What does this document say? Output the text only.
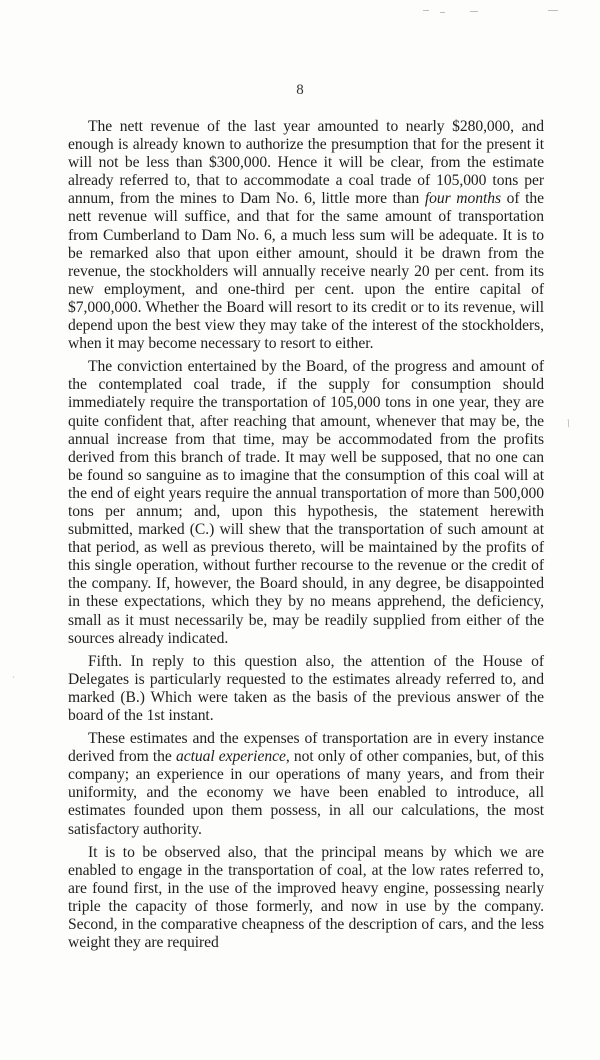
/
·
8

The nett revenue of the last year amounted to nearly $280,000, and enough is already known to authorize the presumption that for the present it will not be less than $300,000. Hence it will be clear, from the estimate already referred to, that to accommodate a coal trade of 105,000 tons per annum, from the mines to Dam No. 6, little more than four months of the nett revenue will suffice, and that for the same amount of transportation from Cumberland to Dam No. 6, a much less sum will be adequate. It is to be remarked also that upon either amount, should it be drawn from the revenue, the stockholders will annually receive nearly 20 per cent. from its new employment, and one-third per cent. upon the entire capital of $7,000,000. Whether the Board will resort to its credit or to its revenue, will depend upon the best view they may take of the interest of the stockholders, when it may become necessary to resort to either.

The conviction entertained by the Board, of the progress and amount of the contemplated coal trade, if the supply for consumption should immediately require the transportation of 105,000 tons in one year, they are quite confident that, after reaching that amount, whenever that may be, the annual increase from that time, may be accommodated from the profits derived from this branch of trade. It may well be supposed, that no one can be found so sanguine as to imagine that the consumption of this coal will at the end of eight years require the annual transportation of more than 500,000 tons per annum; and, upon this hypothesis, the statement herewith submitted, marked (C.) will shew that the transportation of such amount at that period, as well as previous thereto, will be maintained by the profits of this single operation, without further recourse to the revenue or the credit of the company. If, however, the Board should, in any degree, be disappointed in these expectations, which they by no means apprehend, the deficiency, small as it must necessarily be, may be readily supplied from either of the sources already indicated.

Fifth. In reply to this question also, the attention of the House of Delegates is particularly requested to the estimates already referred to, and marked (B.) Which were taken as the basis of the previous answer of the board of the 1st instant.

These estimates and the expenses of transportation are in every instance derived from the actual experience, not only of other companies, but, of this company; an experience in our operations of many years, and from their uniformity, and the economy we have been enabled to introduce, all estimates founded upon them possess, in all our calculations, the most satisfactory authority.

It is to be observed also, that the principal means by which we are enabled to engage in the transportation of coal, at the low rates referred to, are found first, in the use of the improved heavy engine, possessing nearly triple the capacity of those formerly, and now in use by the company. Second, in the comparative cheapness of the description of cars, and the less weight they are required
